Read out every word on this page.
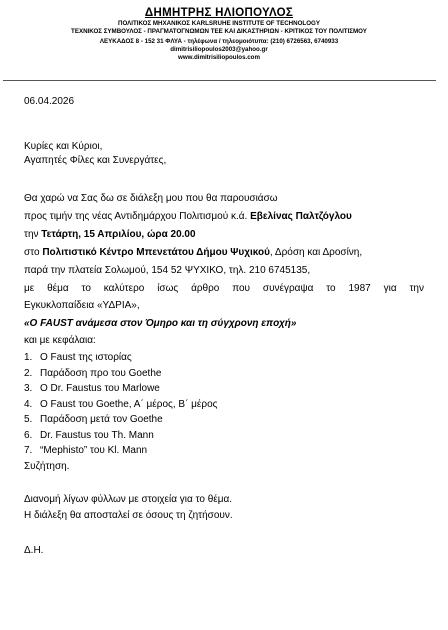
ΔΗΜΗΤΡΗΣ ΗΛΙΟΠΟΥΛΟΣ
ΠΟΛΙΤΙΚΟΣ ΜΗΧΑΝΙΚΟΣ KARLSRUHE INSTITUTE OF TECHNOLOGY
ΤΕΧΝΙΚΟΣ ΣΥΜΒΟΥΛΟΣ - ΠΡΑΓΜΑΤΟΓΝΩΜΩΝ ΤΕΕ ΚΑΙ ΔΙΚΑΣΤΗΡΙΩΝ - ΚΡΙΤΙΚΟΣ ΤΟΥ ΠΟΛΙΤΙΣΜΟΥ
ΛΕΥΚΑΔΟΣ 8 - 152 31 ΦΛΥΑ - τηλέφωνα / τηλεομοιότυπα: (210) 6726563, 6740933
dimitrisiliopoulos2003@yahoo.gr
www.dimitrisiliopoulos.com
06.04.2026
Κυρίες και Κύριοι,
Αγαπητές Φίλες και Συνεργάτες,
Θα χαρώ να Σας δω σε διάλεξη μου που θα παρουσιάσω
προς τιμήν της νέας Αντιδημάρχου Πολιτισμού κ.ά. Εβελίνας Παλτζόγλου
την Τετάρτη, 15 Απριλίου, ώρα 20.00
στο Πολιτιστικό Κέντρο Μπενετάτου Δήμου Ψυχικού, Δρόση και Δροσίνη,
παρά την πλατεία Σολωμού, 154 52 ΨΥΧΙΚΟ, τηλ. 210 6745135,
με θέμα το καλύτερο ίσως άρθρο που συνέγραψα το 1987 για την
Εγκυκλοπαίδεια «ΥΔΡΙΑ»,
«Ο FAUST ανάμεσα στον Όμηρο και τη σύγχρονη εποχή»
και με κεφάλαια:
1. Ο Faust της ιστορίας
2. Παράδοση προ του Goethe
3. Ο Dr. Faustus του Marlowe
4. Ο Faust του Goethe, A΄ μέρος, Β΄ μέρος
5. Παράδοση μετά τον Goethe
6. Dr. Faustus του Th. Mann
7. “Mephisto” του Kl. Mann
Συζήτηση.
Διανομή λίγων φύλλων με στοιχεία για το θέμα.
Η διάλεξη θα αποσταλεί σε όσους τη ζητήσουν.
Δ.Η.
